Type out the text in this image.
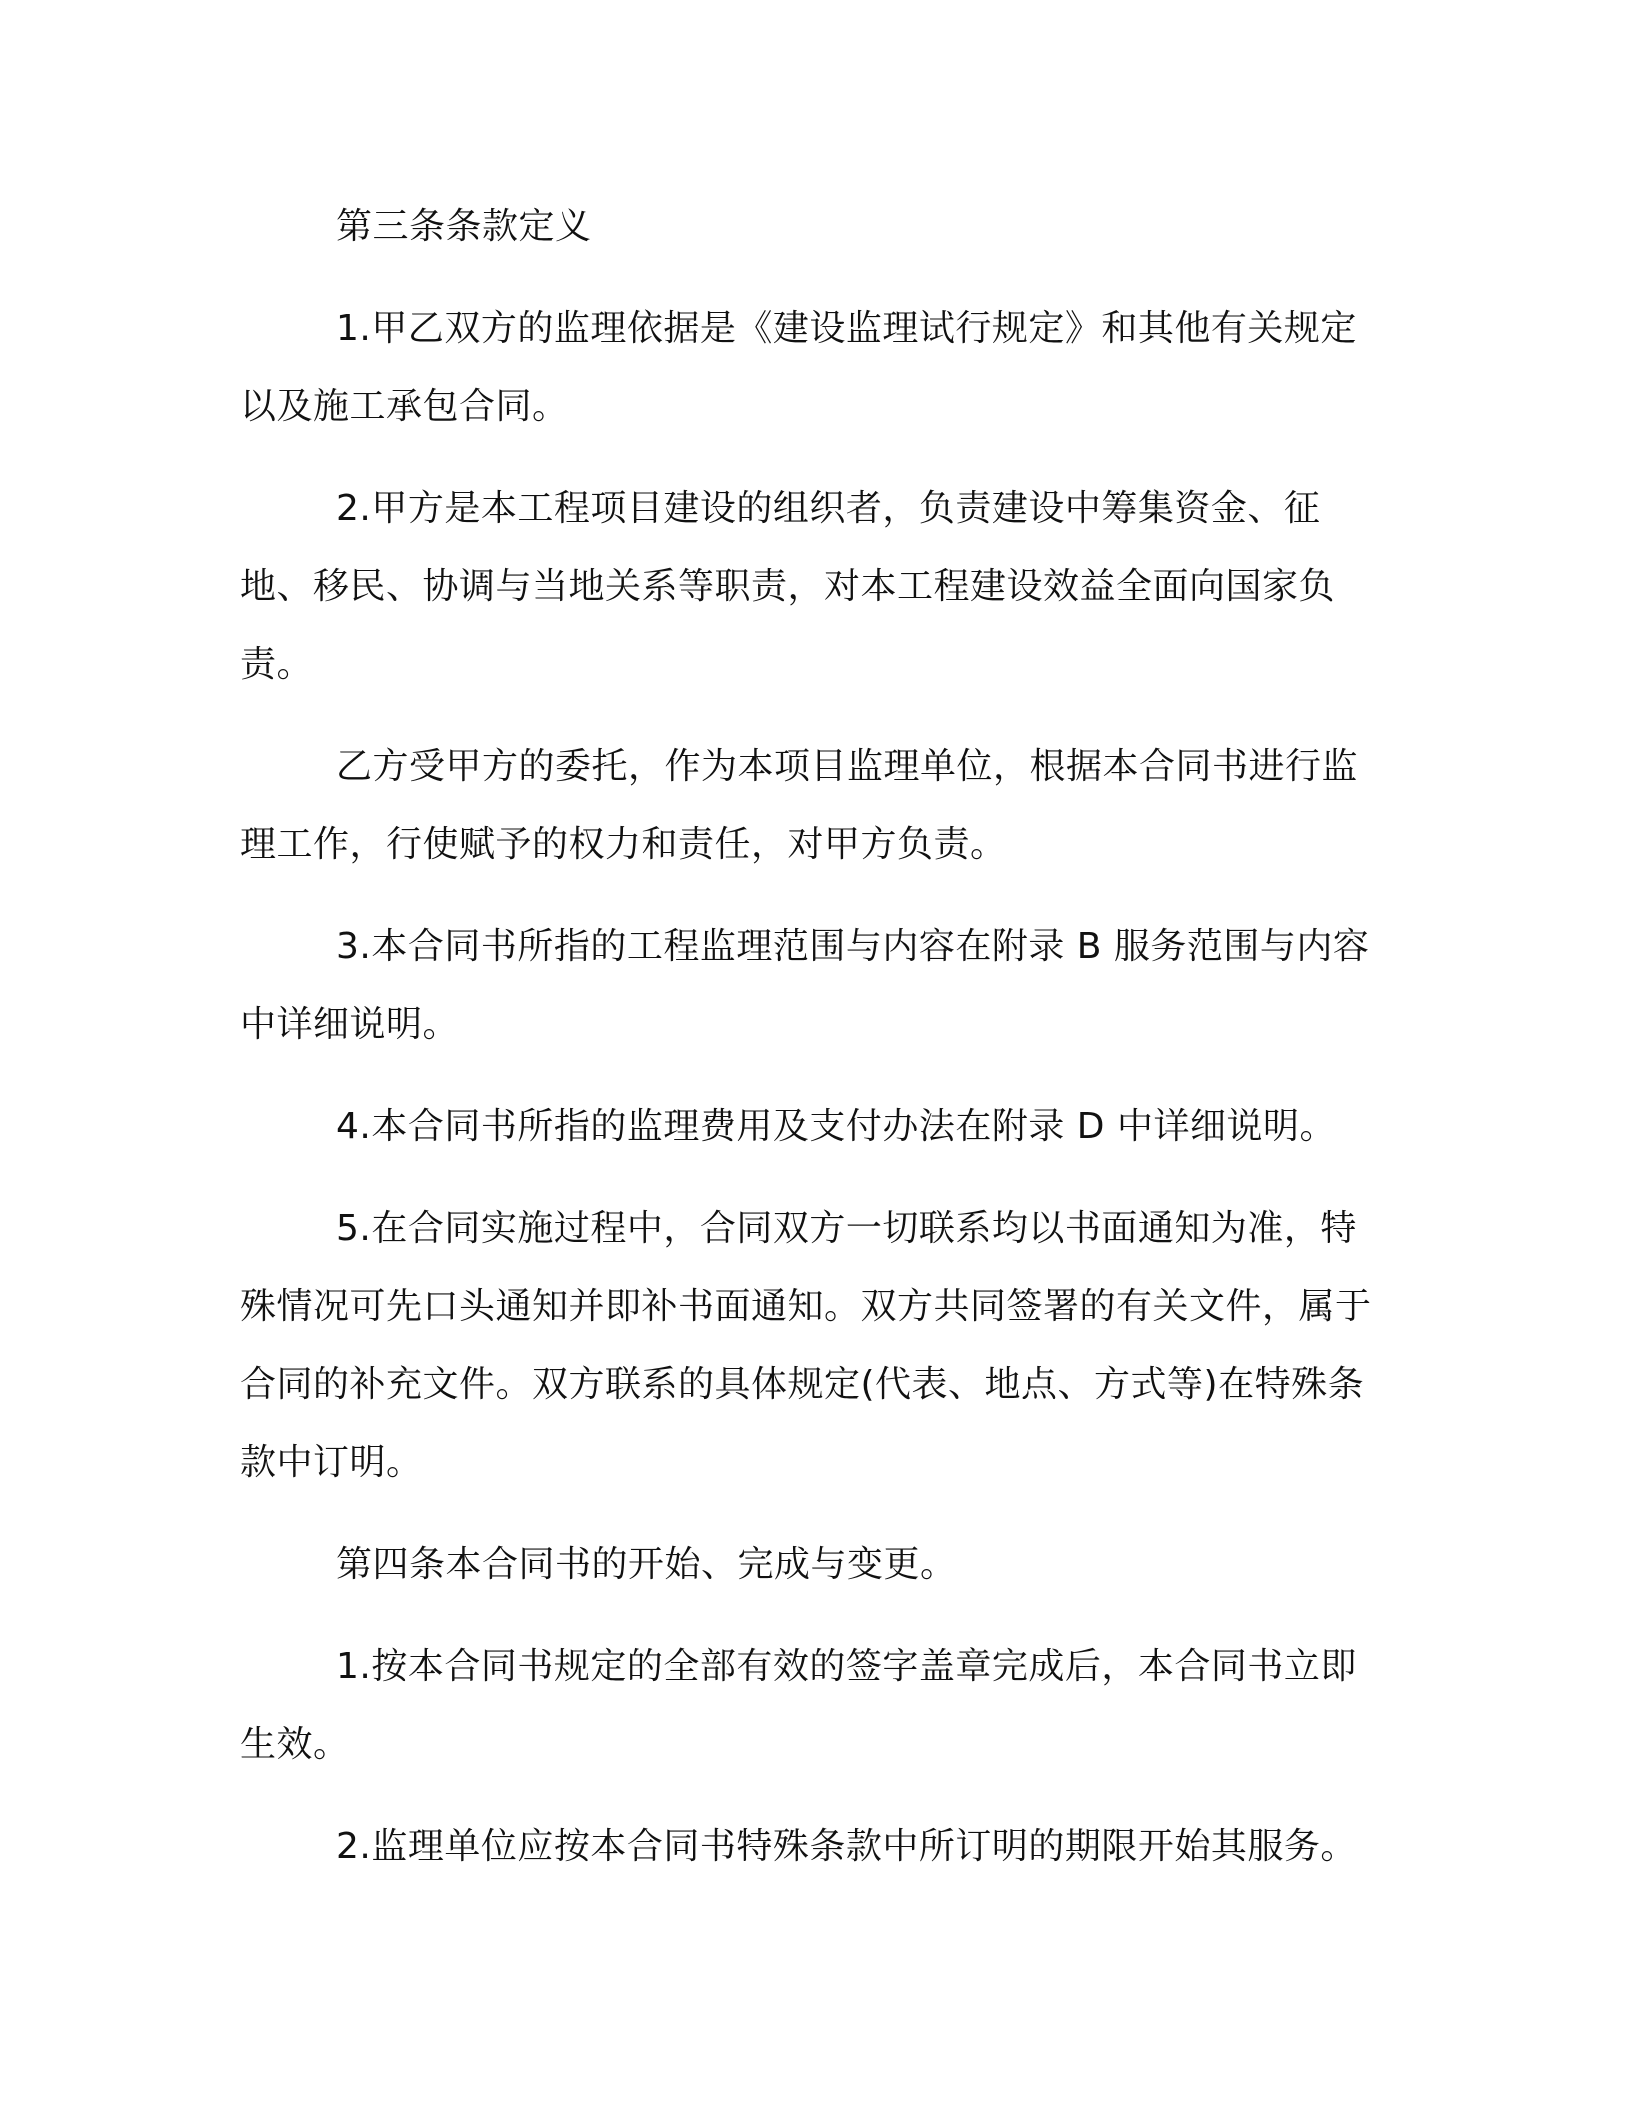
第三条条款定义

1.甲乙双方的监理依据是《建设监理试行规定》和其他有关规定以及施工承包合同。

2.甲方是本工程项目建设的组织者，负责建设中筹集资金、征地、移民、协调与当地关系等职责，对本工程建设效益全面向国家负责。

乙方受甲方的委托，作为本项目监理单位，根据本合同书进行监理工作，行使赋予的权力和责任，对甲方负责。

3.本合同书所指的工程监理范围与内容在附录 B 服务范围与内容中详细说明。

4.本合同书所指的监理费用及支付办法在附录 D 中详细说明。

5.在合同实施过程中，合同双方一切联系均以书面通知为准，特殊情况可先口头通知并即补书面通知。双方共同签署的有关文件，属于合同的补充文件。双方联系的具体规定(代表、地点、方式等)在特殊条款中订明。

第四条本合同书的开始、完成与变更。

1.按本合同书规定的全部有效的签字盖章完成后，本合同书立即生效。

2.监理单位应按本合同书特殊条款中所订明的期限开始其服务。
